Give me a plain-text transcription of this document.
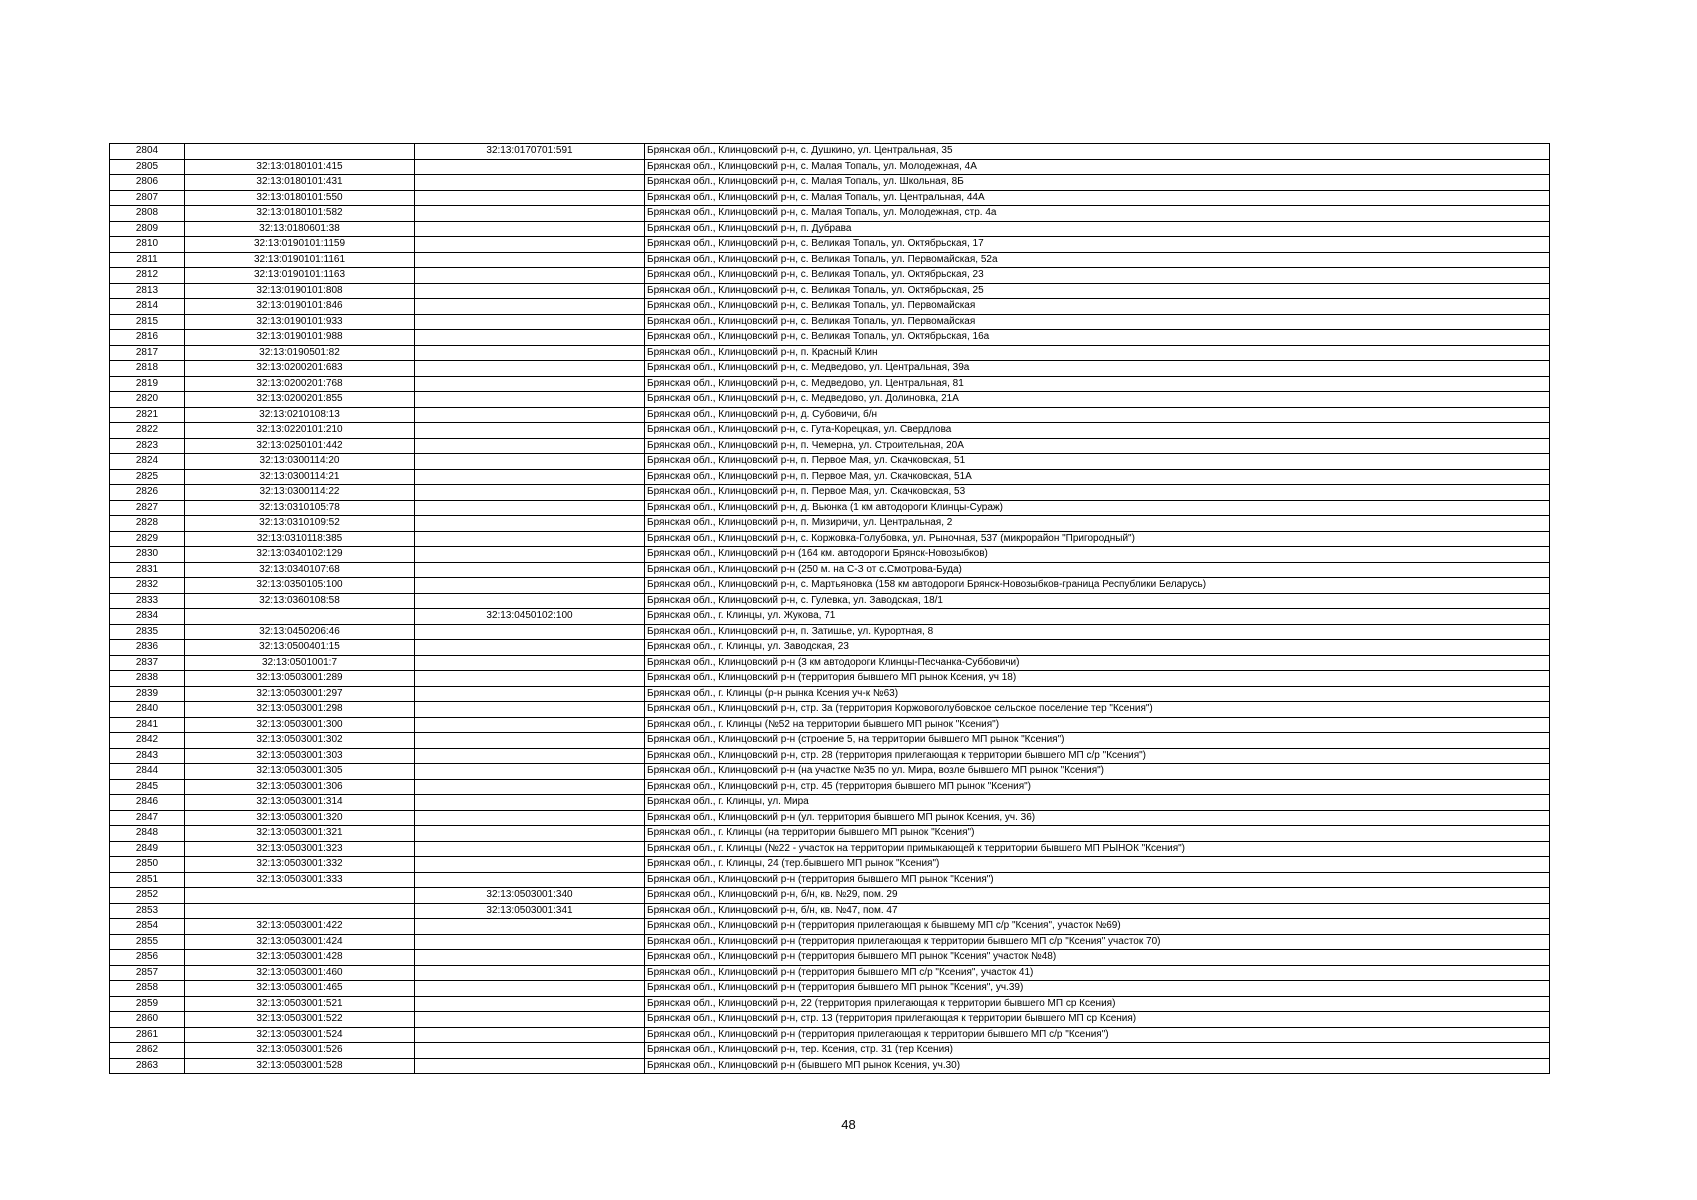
2804		32:13:0170701:591	Брянская обл., Клинцовский р-н, с. Душкино, ул. Центральная, 35
2805	32:13:0180101:415		Брянская обл., Клинцовский р-н, с. Малая Топаль, ул. Молодежная, 4А
2806	32:13:0180101:431		Брянская обл., Клинцовский р-н, с. Малая Топаль, ул. Школьная, 8Б
2807	32:13:0180101:550		Брянская обл., Клинцовский р-н, с. Малая Топаль, ул. Центральная, 44А
2808	32:13:0180101:582		Брянская обл., Клинцовский р-н, с. Малая Топаль, ул. Молодежная, стр. 4а
2809	32:13:0180601:38		Брянская обл., Клинцовский р-н, п. Дубрава
2810	32:13:0190101:1159		Брянская обл., Клинцовский р-н, с. Великая Топаль, ул. Октябрьская, 17
2811	32:13:0190101:1161		Брянская обл., Клинцовский р-н, с. Великая Топаль, ул. Первомайская, 52а
2812	32:13:0190101:1163		Брянская обл., Клинцовский р-н, с. Великая Топаль, ул. Октябрьская, 23
2813	32:13:0190101:808		Брянская обл., Клинцовский р-н, с. Великая Топаль, ул. Октябрьская, 25
2814	32:13:0190101:846		Брянская обл., Клинцовский р-н, с. Великая Топаль, ул. Первомайская
2815	32:13:0190101:933		Брянская обл., Клинцовский р-н, с. Великая Топаль, ул. Первомайская
2816	32:13:0190101:988		Брянская обл., Клинцовский р-н, с. Великая Топаль, ул. Октябрьская, 16а
2817	32:13:0190501:82		Брянская обл., Клинцовский р-н, п. Красный Клин
2818	32:13:0200201:683		Брянская обл., Клинцовский р-н, с. Медведово, ул. Центральная, 39а
2819	32:13:0200201:768		Брянская обл., Клинцовский р-н, с. Медведово, ул. Центральная, 81
2820	32:13:0200201:855		Брянская обл., Клинцовский р-н, с. Медведово, ул. Долиновка, 21А
2821	32:13:0210108:13		Брянская обл., Клинцовский р-н, д. Субовичи, б/н
2822	32:13:0220101:210		Брянская обл., Клинцовский р-н, с. Гута-Корецкая, ул. Свердлова
2823	32:13:0250101:442		Брянская обл., Клинцовский р-н, п. Чемерна, ул. Строительная, 20А
2824	32:13:0300114:20		Брянская обл., Клинцовский р-н, п. Первое Мая, ул. Скачковская, 51
2825	32:13:0300114:21		Брянская обл., Клинцовский р-н, п. Первое Мая, ул. Скачковская, 51А
2826	32:13:0300114:22		Брянская обл., Клинцовский р-н, п. Первое Мая, ул. Скачковская, 53
2827	32:13:0310105:78		Брянская обл., Клинцовский р-н, д. Вьюнка (1 км автодороги Клинцы-Сураж)
2828	32:13:0310109:52		Брянская обл., Клинцовский р-н, п. Мизиричи, ул. Центральная, 2
2829	32:13:0310118:385		Брянская обл., Клинцовский р-н, с. Коржовка-Голубовка, ул. Рыночная, 537 (микрорайон "Пригородный")
2830	32:13:0340102:129		Брянская обл., Клинцовский р-н (164 км. автодороги Брянск-Новозыбков)
2831	32:13:0340107:68		Брянская обл., Клинцовский р-н (250 м. на С-З от с.Смотрова-Буда)
2832	32:13:0350105:100		Брянская обл., Клинцовский р-н, с. Мартьяновка (158 км автодороги Брянск-Новозыбков-граница Республики Беларусь)
2833	32:13:0360108:58		Брянская обл., Клинцовский р-н, с. Гулевка, ул. Заводская, 18/1
2834		32:13:0450102:100	Брянская обл., г. Клинцы, ул. Жукова, 71
2835	32:13:0450206:46		Брянская обл., Клинцовский р-н, п. Затишье, ул. Курортная, 8
2836	32:13:0500401:15		Брянская обл., г. Клинцы, ул. Заводская, 23
2837	32:13:0501001:7		Брянская обл., Клинцовский р-н (3 км автодороги Клинцы-Песчанка-Суббовичи)
2838	32:13:0503001:289		Брянская обл., Клинцовский р-н (территория бывшего МП рынок Ксения, уч 18)
2839	32:13:0503001:297		Брянская обл., г. Клинцы (р-н рынка Ксения уч-к №63)
2840	32:13:0503001:298		Брянская обл., Клинцовский р-н, стр. 3а (территория Коржовоголубовское сельское поселение тер "Ксения")
2841	32:13:0503001:300		Брянская обл., г. Клинцы (№52 на территории бывшего МП рынок "Ксения")
2842	32:13:0503001:302		Брянская обл., Клинцовский р-н (строение 5, на территории бывшего МП рынок "Ксения")
2843	32:13:0503001:303		Брянская обл., Клинцовский р-н, стр. 28 (территория прилегающая к территории бывшего МП с/р "Ксения")
2844	32:13:0503001:305		Брянская обл., Клинцовский р-н (на участке №35 по ул. Мира, возле бывшего МП рынок "Ксения")
2845	32:13:0503001:306		Брянская обл., Клинцовский р-н, стр. 45 (территория бывшего МП рынок "Ксения")
2846	32:13:0503001:314		Брянская обл., г. Клинцы, ул. Мира
2847	32:13:0503001:320		Брянская обл., Клинцовский р-н (ул. территория бывшего МП рынок Ксения, уч. 36)
2848	32:13:0503001:321		Брянская обл., г. Клинцы (на территории бывшего МП рынок "Ксения")
2849	32:13:0503001:323		Брянская обл., г. Клинцы (№22 - участок на территории примыкающей к территории бывшего МП РЫНОК "Ксения")
2850	32:13:0503001:332		Брянская обл., г. Клинцы, 24 (тер.бывшего МП рынок "Ксения")
2851	32:13:0503001:333		Брянская обл., Клинцовский р-н (территория бывшего МП рынок "Ксения")
2852		32:13:0503001:340	Брянская обл., Клинцовский р-н, б/н, кв. №29, пом. 29
2853		32:13:0503001:341	Брянская обл., Клинцовский р-н, б/н, кв. №47, пом. 47
2854	32:13:0503001:422		Брянская обл., Клинцовский р-н (территория прилегающая к бывшему МП с/р "Ксения", участок №69)
2855	32:13:0503001:424		Брянская обл., Клинцовский р-н (территория прилегающая к территории бывшего МП с/р "Ксения" участок 70)
2856	32:13:0503001:428		Брянская обл., Клинцовский р-н (территория бывшего МП рынок "Ксения" участок №48)
2857	32:13:0503001:460		Брянская обл., Клинцовский р-н (территория бывшего МП с/р "Ксения", участок 41)
2858	32:13:0503001:465		Брянская обл., Клинцовский р-н (территория бывшего МП рынок "Ксения", уч.39)
2859	32:13:0503001:521		Брянская обл., Клинцовский р-н, 22 (территория прилегающая к территории бывшего МП ср Ксения)
2860	32:13:0503001:522		Брянская обл., Клинцовский р-н, стр. 13 (территория прилегающая к территории бывшего МП ср Ксения)
2861	32:13:0503001:524		Брянская обл., Клинцовский р-н (территория прилегающая к территории бывшего МП с/р "Ксения")
2862	32:13:0503001:526		Брянская обл., Клинцовский р-н, тер. Ксения, стр. 31 (тер Ксения)
2863	32:13:0503001:528		Брянская обл., Клинцовский р-н (бывшего МП рынок Ксения, уч.30)
48
